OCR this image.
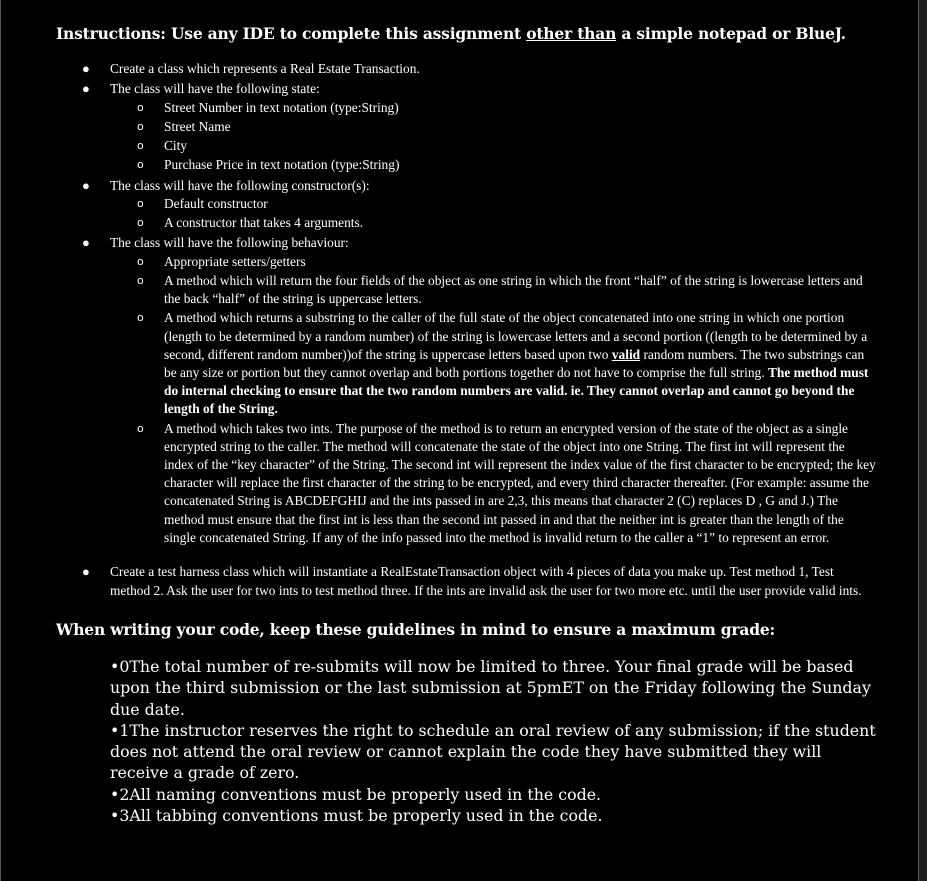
Instructions: Use any IDE to complete this assignment other than a simple notepad or BlueJ.

● Create a class which represents a Real Estate Transaction.
● The class will have the following state:
o Street Number in text notation (type:String)
o Street Name
o City
o Purchase Price in text notation (type:String)
● The class will have the following constructor(s):
o Default constructor
o A constructor that takes 4 arguments.
● The class will have the following behaviour:
o Appropriate setters/getters
o A method which will return the four fields of the object as one string in which the front “half” of the string is lowercase letters and the back “half” of the string is uppercase letters.
o A method which returns a substring to the caller of the full state of the object concatenated into one string in which one portion (length to be determined by a random number) of the string is lowercase letters and a second portion ((length to be determined by a second, different random number))of the string is uppercase letters based upon two valid random numbers. The two substrings can be any size or portion but they cannot overlap and both portions together do not have to comprise the full string. The method must do internal checking to ensure that the two random numbers are valid. ie. They cannot overlap and cannot go beyond the length of the String.
o A method which takes two ints. The purpose of the method is to return an encrypted version of the state of the object as a single encrypted string to the caller. The method will concatenate the state of the object into one String. The first int will represent the index of the “key character” of the String. The second int will represent the index value of the first character to be encrypted; the key character will replace the first character of the string to be encrypted, and every third character thereafter. (For example: assume the concatenated String is ABCDEFGHIJ and the ints passed in are 2,3, this means that character 2 (C) replaces D , G and J.) The method must ensure that the first int is less than the second int passed in and that the neither int is greater than the length of the single concatenated String. If any of the info passed into the method is invalid return to the caller a “1” to represent an error.
● Create a test harness class which will instantiate a RealEstateTransaction object with 4 pieces of data you make up. Test method 1, Test method 2. Ask the user for two ints to test method three. If the ints are invalid ask the user for two more etc. until the user provide valid ints.

When writing your code, keep these guidelines in mind to ensure a maximum grade:

•0The total number of re-submits will now be limited to three. Your final grade will be based upon the third submission or the last submission at 5pmET on the Friday following the Sunday due date.
•1The instructor reserves the right to schedule an oral review of any submission; if the student does not attend the oral review or cannot explain the code they have submitted they will receive a grade of zero.
•2All naming conventions must be properly used in the code.
•3All tabbing conventions must be properly used in the code.
